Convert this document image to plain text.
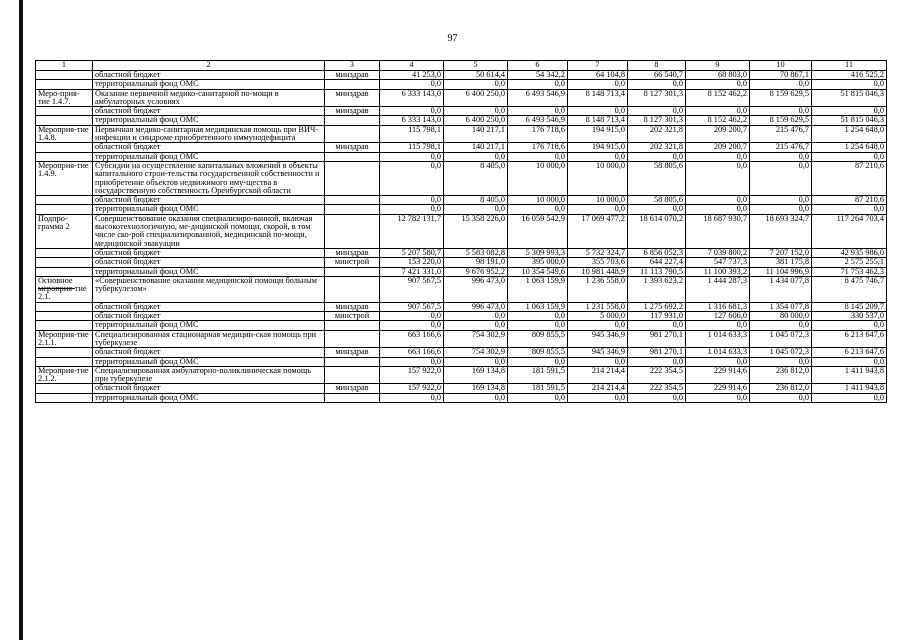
97
1	2	3	4	5	6	7	8	9	10	11
	областной бюджет	минздрав	41 253,0	50 614,4	54 342,2	64 104,8	66 540,7	68 803,0	70 867,1	416 525,2
	территориальный фонд ОМС		0,0	0,0	0,0	0,0	0,0	0,0	0,0	0,0
Меро-прия-тие 1.4.7.	Оказание первичной медико-санитарной по-мощи в амбулаторных условиях	минздрав	6 333 143,0	6 400 250,0	6 493 546,9	8 148 713,4	8 127 301,3	8 152 462,2	8 159 629,5	51 815 046,3
	областной бюджет	минздрав	0,0	0,0	0,0	0,0	0,0	0,0	0,0	0,0
	территориальный фонд ОМС		6 333 143,0	6 400 250,0	6 493 546,9	8 148 713,4	8 127 301,3	8 152 462,2	8 159 629,5	51 815 046,3
Мероприя-тие 1.4.8.	Первичная медико-санитарная медицинская помощь при ВИЧ-инфекции и синдроме приобретенного иммунодефицита		115 798,1	140 217,1	176 718,6	194 915,0	202 321,8	209 200,7	215 476,7	1 254 648,0
	областной бюджет	минздрав	115 798,1	140 217,1	176 718,6	194 915,0	202 321,8	209 200,7	215 476,7	1 254 648,0
	территориальный фонд ОМС		0,0	0,0	0,0	0,0	0,0	0,0	0,0	0,0
Мероприя-тие 1.4.9.	Субсидии на осуществление капитальных вложений в объекты капитального строи-тельства государственной собственности и приобретение объектов недвижимого иму-щества в государственную собственность Оренбургской области		0,0	8 405,0	10 000,0	10 000,0	58 805,6	0,0	0,0	87 210,6
	областной бюджет		0,0	8 405,0	10 000,0	10 000,0	58 805,6	0,0	0,0	87 210,6
	территориальный фонд ОМС		0,0	0,0	0,0	0,0	0,0	0,0	0,0	0,0
Подпро-грамма 2	Совершенствование оказания специализиро-ванной, включая высокотехнологичную, ме-дицинской помощи, скорой, в том числе ско-рой специализированной, медицинской по-мощи, медицинской эвакуации		12 782 131,7	15 358 226,0	16 059 542,9	17 069 477,2	18 614 070,2	18 687 930,7	18 693 324,7	117 264 703,4
	областной бюджет	минздрав	5 207 580,7	5 583 082,8	5 309 993,3	5 732 324,7	6 856 052,3	7 039 800,2	7 207 152,0	42 935 986,0
	областной бюджет	минстрой	153 220,0	98 191,0	395 000,0	355 703,6	644 227,4	547 737,3	381 175,8	2 575 255,1
	территориальный фонд ОМС		7 421 331,0	9 676 952,2	10 354 549,6	10 981 448,9	11 113 790,5	11 100 393,2	11 104 996,9	71 753 462,3
Основное мероприя-тие 2.1.	«Совершенствование оказания медицинской помощи больным туберкулезом»		907 567,5	996 473,0	1 063 159,9	1 236 558,0	1 393 623,2	1 444 287,3	1 434 077,8	8 475 746,7
	областной бюджет	минздрав	907 567,5	996 473,0	1 063 159,9	1 231 558,0	1 275 692,2	1 316 681,3	1 354 077,8	8 145 209,7
	областной бюджет	минстрой	0,0	0,0	0,0	5 000,0	117 931,0	127 606,0	80 000,0	330 537,0
	территориальный фонд ОМС		0,0	0,0	0,0	0,0	0,0	0,0	0,0	0,0
Мероприя-тие 2.1.1.	Специализированная стационарная медицин-ская помощь при туберкулезе		663 166,6	754 302,9	809 855,5	945 346,9	981 270,1	1 014 633,3	1 045 072,3	6 213 647,6
	областной бюджет	минздрав	663 166,6	754 302,9	809 855,5	945 346,9	981 270,1	1 014 633,3	1 045 072,3	6 213 647,6
	территориальный фонд ОМС		0,0	0,0	0,0	0,0	0,0	0,0	0,0	0,0
Мероприя-тие 2.1.2.	Специализированная амбулаторно-поликлиническая помощь при туберкулезе		157 922,0	169 134,8	181 591,5	214 214,4	222 354,5	229 914,6	236 812,0	1 411 943,8
	областной бюджет	минздрав	157 922,0	169 134,8	181 591,5	214 214,4	222 354,5	229 914,6	236 812,0	1 411 943,8
	территориальный фонд ОМС		0,0	0,0	0,0	0,0	0,0	0,0	0,0	0,0
